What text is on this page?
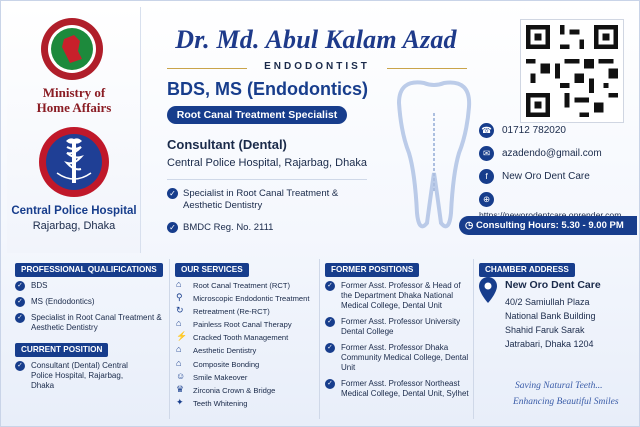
Ministry of
Home Affairs
Central Police Hospital
Rajarbag, Dhaka
Dr. Md. Abul Kalam Azad
ENDODONTIST
BDS, MS (Endodontics)
Root Canal Treatment Specialist
Consultant (Dental)
Central Police Hospital, Rajarbag, Dhaka
✓ Specialist in Root Canal Treatment & Aesthetic Dentistry
✓ BMDC Reg. No. 2111
☎ 01712 782020
✉ azadendo@gmail.com
f New Oro Dent Care
⊕
◷ Consulting Hours: 5.30 - 9.00 PM
PROFESSIONAL QUALIFICATIONS
✓ BDS
✓ MS (Endodontics)
✓ Specialist in Root Canal Treatment & Aesthetic Dentistry
CURRENT POSITION
✓ Consultant (Dental) Central Police Hospital, Rajarbag, Dhaka
OUR SERVICES
⌂ Root Canal Treatment (RCT)
⚲ Microscopic Endodontic Treatment
↻ Retreatment (Re-RCT)
⌂ Painless Root Canal Therapy
⚡ Cracked Tooth Management
⌂ Aesthetic Dentistry
⌂ Composite Bonding
☺ Smile Makeover
♛ Zirconia Crown & Bridge
✦ Teeth Whitening
FORMER POSITIONS
✓ Former Asst. Professor & Head of the Department Dhaka National Medical College, Dental Unit
✓ Former Asst. Professor University Dental College
✓ Former Asst. Professor Dhaka Community Medical College, Dental Unit
✓ Former Asst. Professor Northeast Medical College, Dental Unit, Sylhet
CHAMBER ADDRESS
New Oro Dent Care
40/2 Samiullah Plaza
National Bank Building
Shahid Faruk Sarak
Jatrabari, Dhaka 1204
Saving Natural Teeth...
Enhancing Beautiful Smiles
